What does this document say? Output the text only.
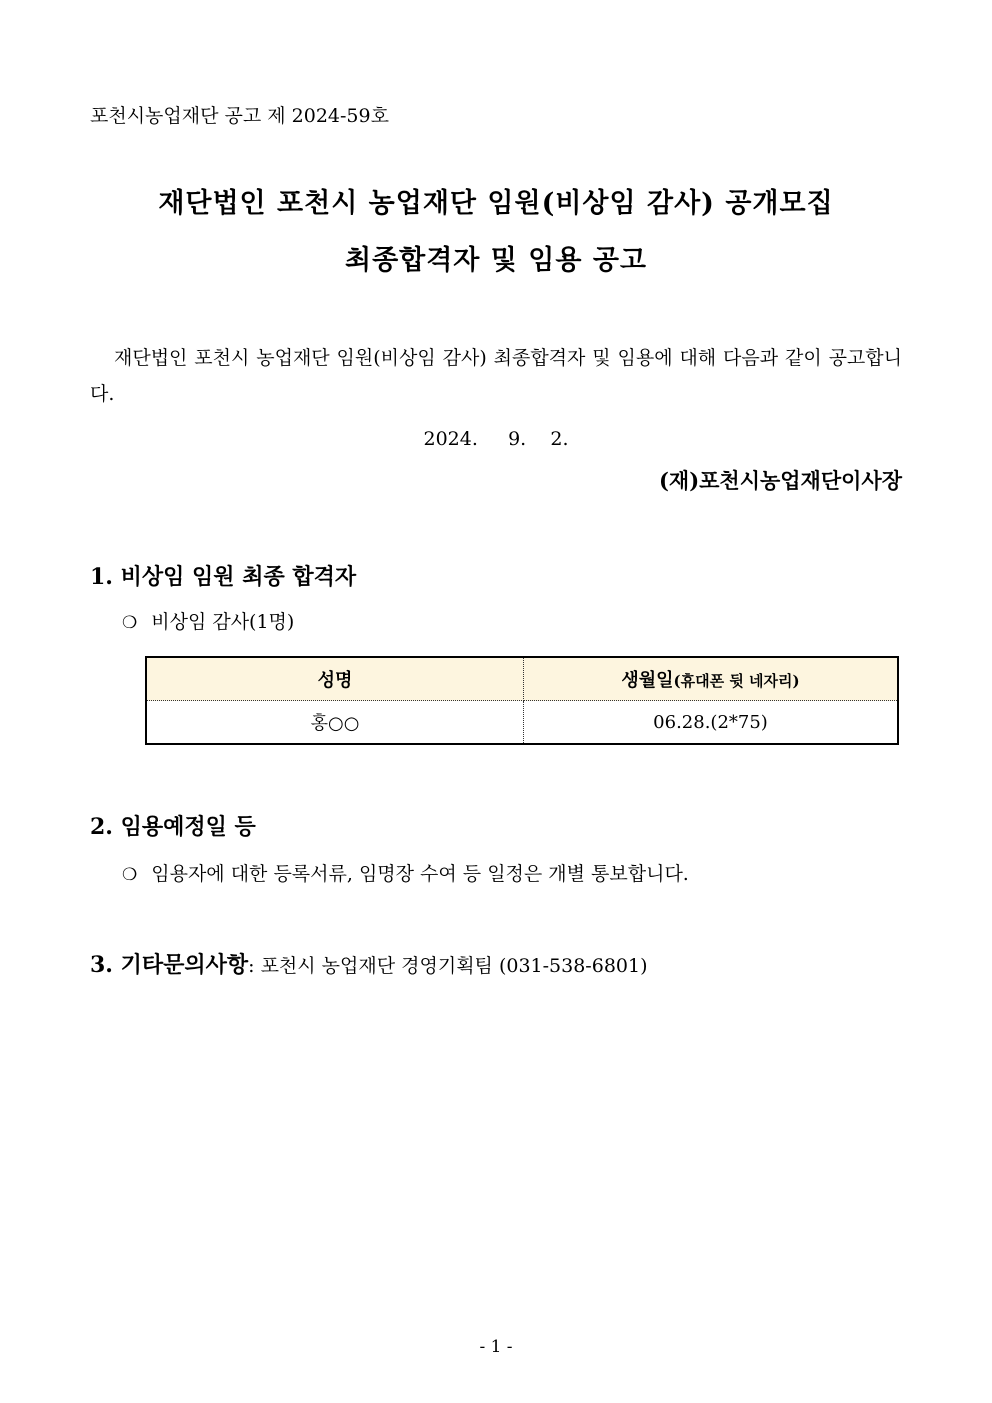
포천시농업재단 공고 제 2024-59호
재단법인 포천시 농업재단 임원(비상임 감사) 공개모집
최종합격자 및 임용 공고
재단법인 포천시 농업재단 임원(비상임 감사) 최종합격자 및 임용에 대해 다음과 같이 공고합니다.
2024.     9.    2.
(재)포천시농업재단이사장
1. 비상임 임원 최종 합격자
❍ 비상임 감사(1명)
성명	생월일(휴대폰 뒷 네자리)
홍○○	06.28.(2*75)
2. 임용예정일 등
❍ 임용자에 대한 등록서류, 임명장 수여 등 일정은 개별 통보합니다.
3. 기타문의사항: 포천시 농업재단 경영기획팀 (031-538-6801)
- 1 -
